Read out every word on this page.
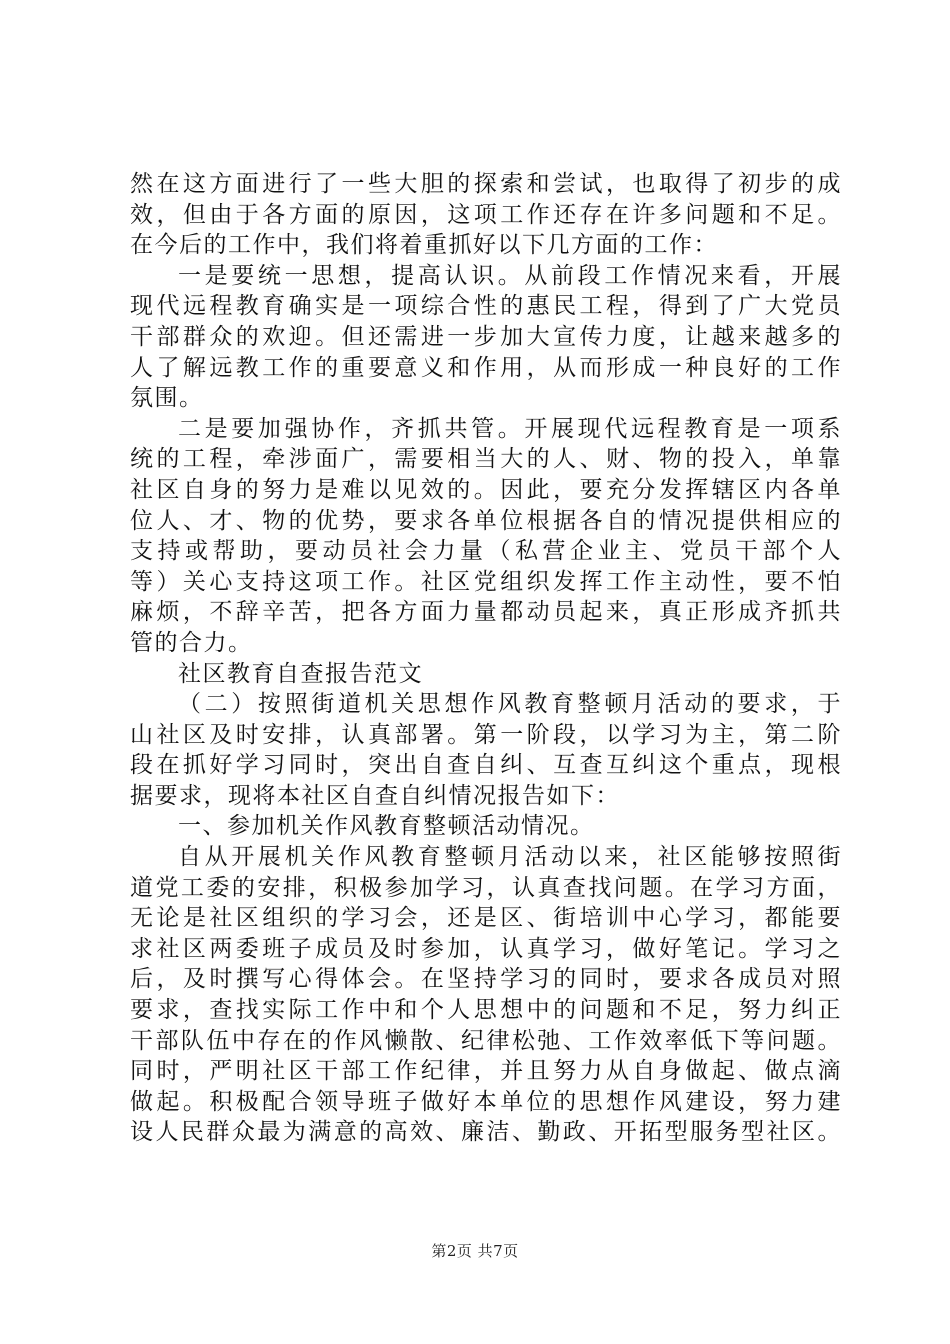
然在这方面进行了一些大胆的探索和尝试，也取得了初步的成
效，但由于各方面的原因，这项工作还存在许多问题和不足。
在今后的工作中，我们将着重抓好以下几方面的工作：
一是要统一思想，提高认识。从前段工作情况来看，开展
现代远程教育确实是一项综合性的惠民工程，得到了广大党员
干部群众的欢迎。但还需进一步加大宣传力度，让越来越多的
人了解远教工作的重要意义和作用，从而形成一种良好的工作
氛围。
二是要加强协作，齐抓共管。开展现代远程教育是一项系
统的工程，牵涉面广，需要相当大的人、财、物的投入，单靠
社区自身的努力是难以见效的。因此，要充分发挥辖区内各单
位人、才、物的优势，要求各单位根据各自的情况提供相应的
支持或帮助，要动员社会力量（私营企业主、党员干部个人
等）关心支持这项工作。社区党组织发挥工作主动性，要不怕
麻烦，不辞辛苦，把各方面力量都动员起来，真正形成齐抓共
管的合力。
社区教育自查报告范文
（二）按照街道机关思想作风教育整顿月活动的要求，于
山社区及时安排，认真部署。第一阶段，以学习为主，第二阶
段在抓好学习同时，突出自查自纠、互查互纠这个重点，现根
据要求，现将本社区自查自纠情况报告如下：
一、参加机关作风教育整顿活动情况。
自从开展机关作风教育整顿月活动以来，社区能够按照街
道党工委的安排，积极参加学习，认真查找问题。在学习方面，
无论是社区组织的学习会，还是区、街培训中心学习，都能要
求社区两委班子成员及时参加，认真学习，做好笔记。学习之
后，及时撰写心得体会。在坚持学习的同时，要求各成员对照
要求，查找实际工作中和个人思想中的问题和不足，努力纠正
干部队伍中存在的作风懒散、纪律松弛、工作效率低下等问题。
同时，严明社区干部工作纪律，并且努力从自身做起、做点滴
做起。积极配合领导班子做好本单位的思想作风建设，努力建
设人民群众最为满意的高效、廉洁、勤政、开拓型服务型社区。
第2页 共7页
